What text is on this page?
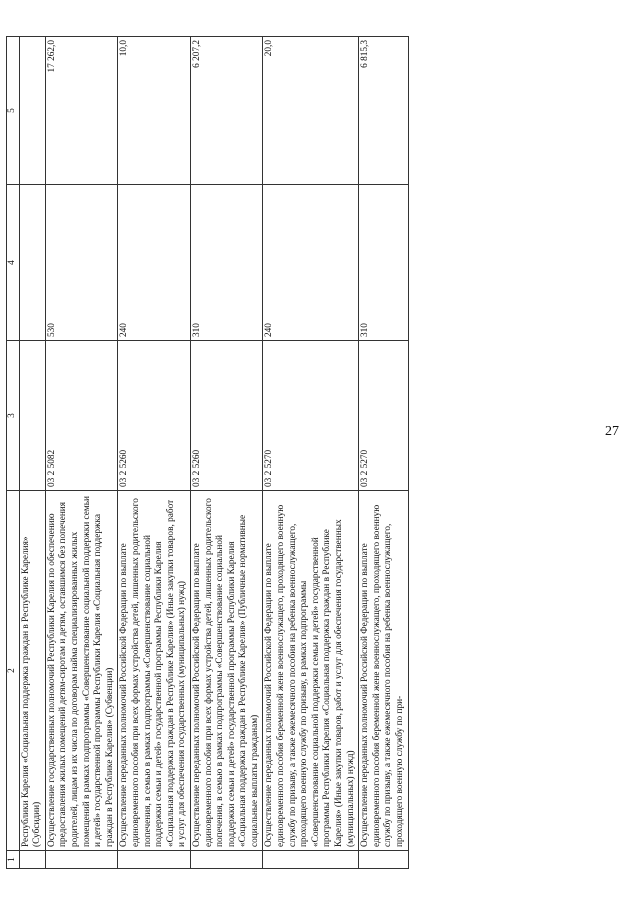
1	2	3	4	5
	Республики Карелия «Социальная поддержка граждан в Республике Карелия» (Субсидии)			
	Осуществление государственных полномочий Республики Карелия по обеспечению предоставления жилых помещений детям-сиротам и детям, оставшимся без попечения родителей, лицам из их числа по договорам найма специализированных жилых помещений в рамках подпрограммы «Совершенствование социальной поддержки семьи и детей» государственной программы Республики Карелия «Социальная поддержка граждан в Республике Карелия» (Субвенции)	03 2 5082	530	17 262,0
	Осуществление переданных полномочий Российской Федерации по выплате единовременного пособия при всех формах устройства детей, лишенных родительского попечения, в семью в рамках подпрограммы «Совершенствование социальной поддержки семьи и детей» государственной программы Республики Карелия «Социальная поддержка граждан в Республике Карелия» (Иные закупки товаров, работ и услуг для обеспечения государственных (муниципальных) нужд)	03 2 5260	240	10,0
	Осуществление переданных полномочий Российской Федерации по выплате единовременного пособия при всех формах устройства детей, лишенных родительского попечения, в семью в рамках подпрограммы «Совершенствование социальной поддержки семьи и детей» государственной программы Республики Карелия «Социальная поддержка граждан в Республике Карелия» (Публичные нормативные социальные выплаты гражданам)	03 2 5260	310	6 207,2
	Осуществление переданных полномочий Российской Федерации по выплате единовременного пособия беременной жене военнослужащего, проходящего военную службу по призыву, а также ежемесячного пособия на ребенка военнослужащего, проходящего военную службу по призыву, в рамках подпрограммы «Совершенствование социальной поддержки семьи и детей» государственной программы Республики Карелия «Социальная поддержка граждан в Республике Карелия» (Иные закупки товаров, работ и услуг для обеспечения государственных (муниципальных) нужд)	03 2 5270	240	20,0
	Осуществление переданных полномочий Российской Федерации по выплате единовременного пособия беременной жене военнослужащего, проходящего военную службу по призыву, а также ежемесячного пособия на ребенка военнослужащего, проходящего военную службу по при-	03 2 5270	310	6 815,3
27
